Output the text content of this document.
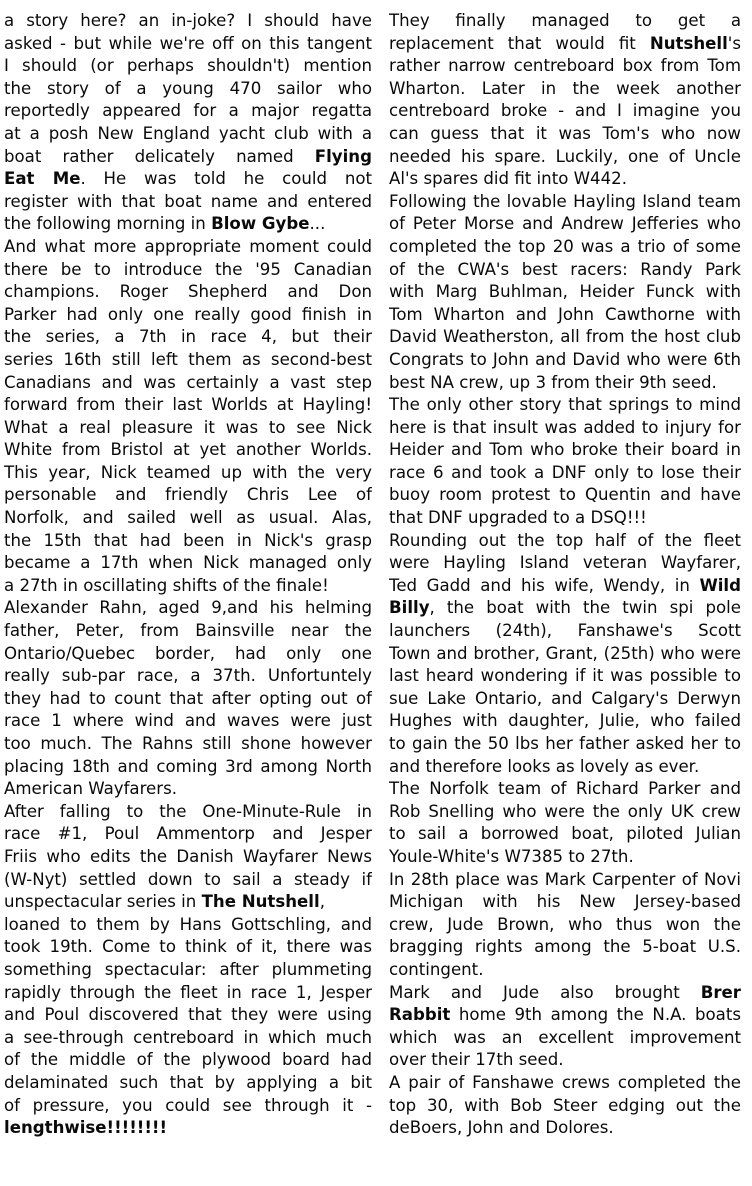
a story here? an in-joke? I should have
asked - but while we're off on this tangent
I should (or perhaps shouldn't) mention
the story of a young 470 sailor who
reportedly appeared for a major regatta
at a posh New England yacht club with a
boat rather delicately named Flying
Eat Me. He was told he could not
register with that boat name and entered
the following morning in Blow Gybe...
And what more appropriate moment could
there be to introduce the '95 Canadian
champions. Roger Shepherd and Don
Parker had only one really good finish in
the series, a 7th in race 4, but their
series 16th still left them as second-best
Canadians and was certainly a vast step
forward from their last Worlds at Hayling!
What a real pleasure it was to see Nick
White from Bristol at yet another Worlds.
This year, Nick teamed up with the very
personable and friendly Chris Lee of
Norfolk, and sailed well as usual. Alas,
the 15th that had been in Nick's grasp
became a 17th when Nick managed only
a 27th in oscillating shifts of the finale!
Alexander Rahn, aged 9,and his helming
father, Peter, from Bainsville near the
Ontario/Quebec border, had only one
really sub-par race, a 37th. Unfortuntely
they had to count that after opting out of
race 1 where wind and waves were just
too much. The Rahns still shone however
placing 18th and coming 3rd among North
American Wayfarers.
After falling to the One-Minute-Rule in
race #1, Poul Ammentorp and Jesper
Friis who edits the Danish Wayfarer News
(W-Nyt) settled down to sail a steady if
unspectacular series in The Nutshell,
loaned to them by Hans Gottschling, and
took 19th. Come to think of it, there was
something spectacular: after plummeting
rapidly through the fleet in race 1, Jesper
and Poul discovered that they were using
a see-through centreboard in which much
of the middle of the plywood board had
delaminated such that by applying a bit
of pressure, you could see through it -
lengthwise!!!!!!!!
They finally managed to get a
replacement that would fit Nutshell's
rather narrow centreboard box from Tom
Wharton. Later in the week another
centreboard broke - and I imagine you
can guess that it was Tom's who now
needed his spare. Luckily, one of Uncle
Al's spares did fit into W442.
Following the lovable Hayling Island team
of Peter Morse and Andrew Jefferies who
completed the top 20 was a trio of some
of the CWA's best racers: Randy Park
with Marg Buhlman, Heider Funck with
Tom Wharton and John Cawthorne with
David Weatherston, all from the host club
Congrats to John and David who were 6th
best NA crew, up 3 from their 9th seed.
The only other story that springs to mind
here is that insult was added to injury for
Heider and Tom who broke their board in
race 6 and took a DNF only to lose their
buoy room protest to Quentin and have
that DNF upgraded to a DSQ!!!
Rounding out the top half of the fleet
were Hayling Island veteran Wayfarer,
Ted Gadd and his wife, Wendy, in Wild
Billy, the boat with the twin spi pole
launchers (24th), Fanshawe's Scott
Town and brother, Grant, (25th) who were
last heard wondering if it was possible to
sue Lake Ontario, and Calgary's Derwyn
Hughes with daughter, Julie, who failed
to gain the 50 lbs her father asked her to
and therefore looks as lovely as ever.
The Norfolk team of Richard Parker and
Rob Snelling who were the only UK crew
to sail a borrowed boat, piloted Julian
Youle-White's W7385 to 27th.
In 28th place was Mark Carpenter of Novi
Michigan with his New Jersey-based
crew, Jude Brown, who thus won the
bragging rights among the 5-boat U.S.
contingent.
Mark and Jude also brought Brer
Rabbit home 9th among the N.A. boats
which was an excellent improvement
over their 17th seed.
A pair of Fanshawe crews completed the
top 30, with Bob Steer edging out the
deBoers, John and Dolores.
